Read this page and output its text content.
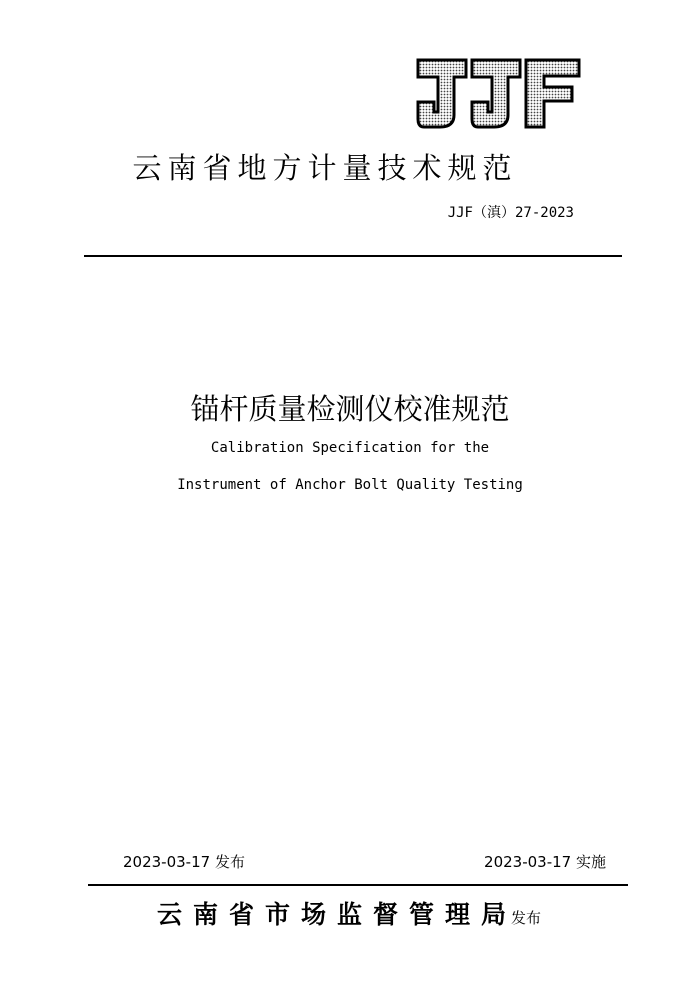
云南省地方计量技术规范
JJF（滇）27-2023
锚杆质量检测仪校准规范
Calibration Specification for the
Instrument of Anchor Bolt Quality Testing
2023-03-17 发布	2023-03-17 实施
云南省市场监督管理局发布
